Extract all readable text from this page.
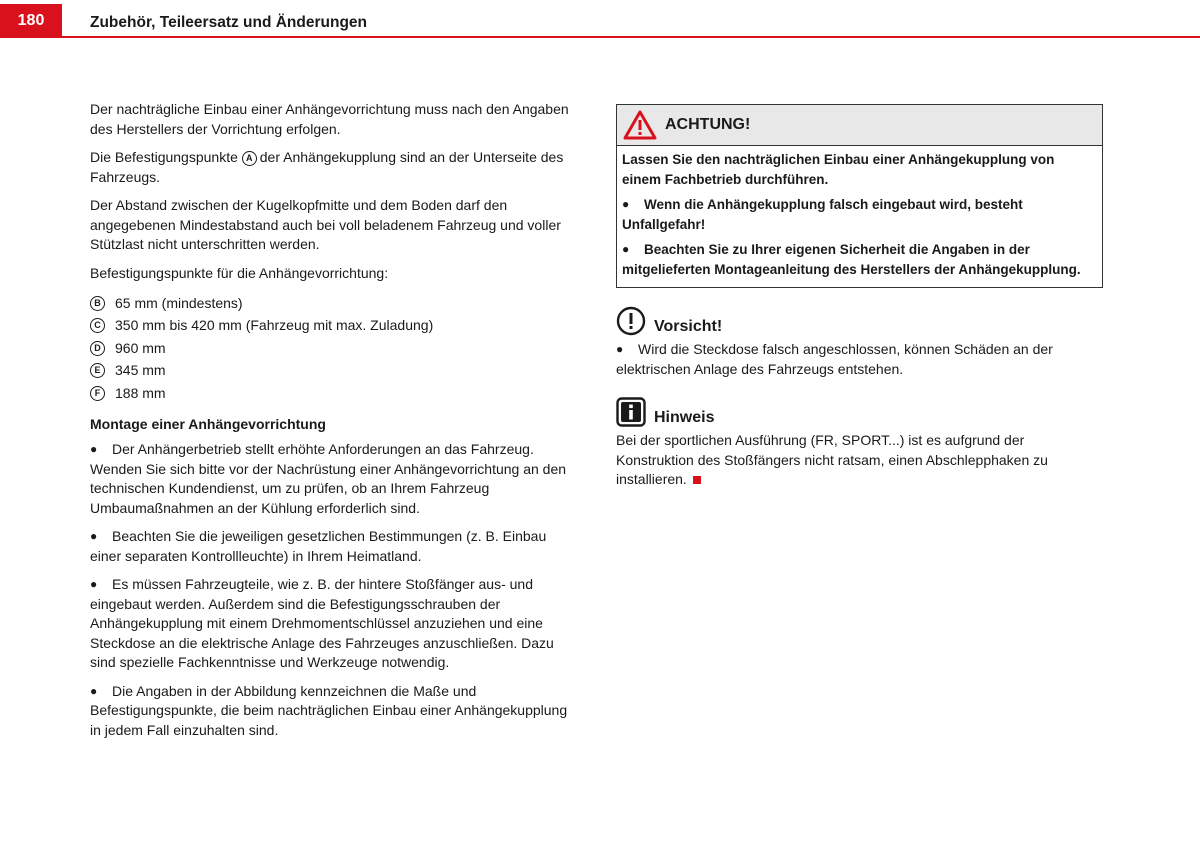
180	Zubehör, Teileersatz und Änderungen

Der nachträgliche Einbau einer Anhängevorrichtung muss nach den Angaben des Herstellers der Vorrichtung erfolgen.

Die Befestigungspunkte A der Anhängekupplung sind an der Unterseite des Fahrzeugs.

Der Abstand zwischen der Kugelkopfmitte und dem Boden darf den angegebenen Mindestabstand auch bei voll beladenem Fahrzeug und voller Stützlast nicht unterschritten werden.

Befestigungspunkte für die Anhängevorrichtung:

B	65 mm (mindestens)
C	350 mm bis 420 mm (Fahrzeug mit max. Zuladung)
D	960 mm
E	345 mm
F	188 mm
Montage einer Anhängevorrichtung

● Der Anhängerbetrieb stellt erhöhte Anforderungen an das Fahrzeug. Wenden Sie sich bitte vor der Nachrüstung einer Anhängevorrichtung an den technischen Kundendienst, um zu prüfen, ob an Ihrem Fahrzeug Umbaumaßnahmen an der Kühlung erforderlich sind.

● Beachten Sie die jeweiligen gesetzlichen Bestimmungen (z. B. Einbau einer separaten Kontrollleuchte) in Ihrem Heimatland.

● Es müssen Fahrzeugteile, wie z. B. der hintere Stoßfänger aus- und eingebaut werden. Außerdem sind die Befestigungsschrauben der Anhängekupplung mit einem Drehmomentschlüssel anzuziehen und eine Steckdose an die elektrische Anlage des Fahrzeuges anzuschließen. Dazu sind spezielle Fachkenntnisse und Werkzeuge notwendig.

● Die Angaben in der Abbildung kennzeichnen die Maße und Befestigungspunkte, die beim nachträglichen Einbau einer Anhängekupplung in jedem Fall einzuhalten sind.

ACHTUNG!

Lassen Sie den nachträglichen Einbau einer Anhängekupplung von einem Fachbetrieb durchführen.

● Wenn die Anhängekupplung falsch eingebaut wird, besteht Unfallgefahr!

● Beachten Sie zu Ihrer eigenen Sicherheit die Angaben in der mitgelieferten Montageanleitung des Herstellers der Anhängekupplung.

Vorsicht!

● Wird die Steckdose falsch angeschlossen, können Schäden an der elektrischen Anlage des Fahrzeugs entstehen.

Hinweis

Bei der sportlichen Ausführung (FR, SPORT...) ist es aufgrund der Konstruktion des Stoßfängers nicht ratsam, einen Abschlepphaken zu installieren.
